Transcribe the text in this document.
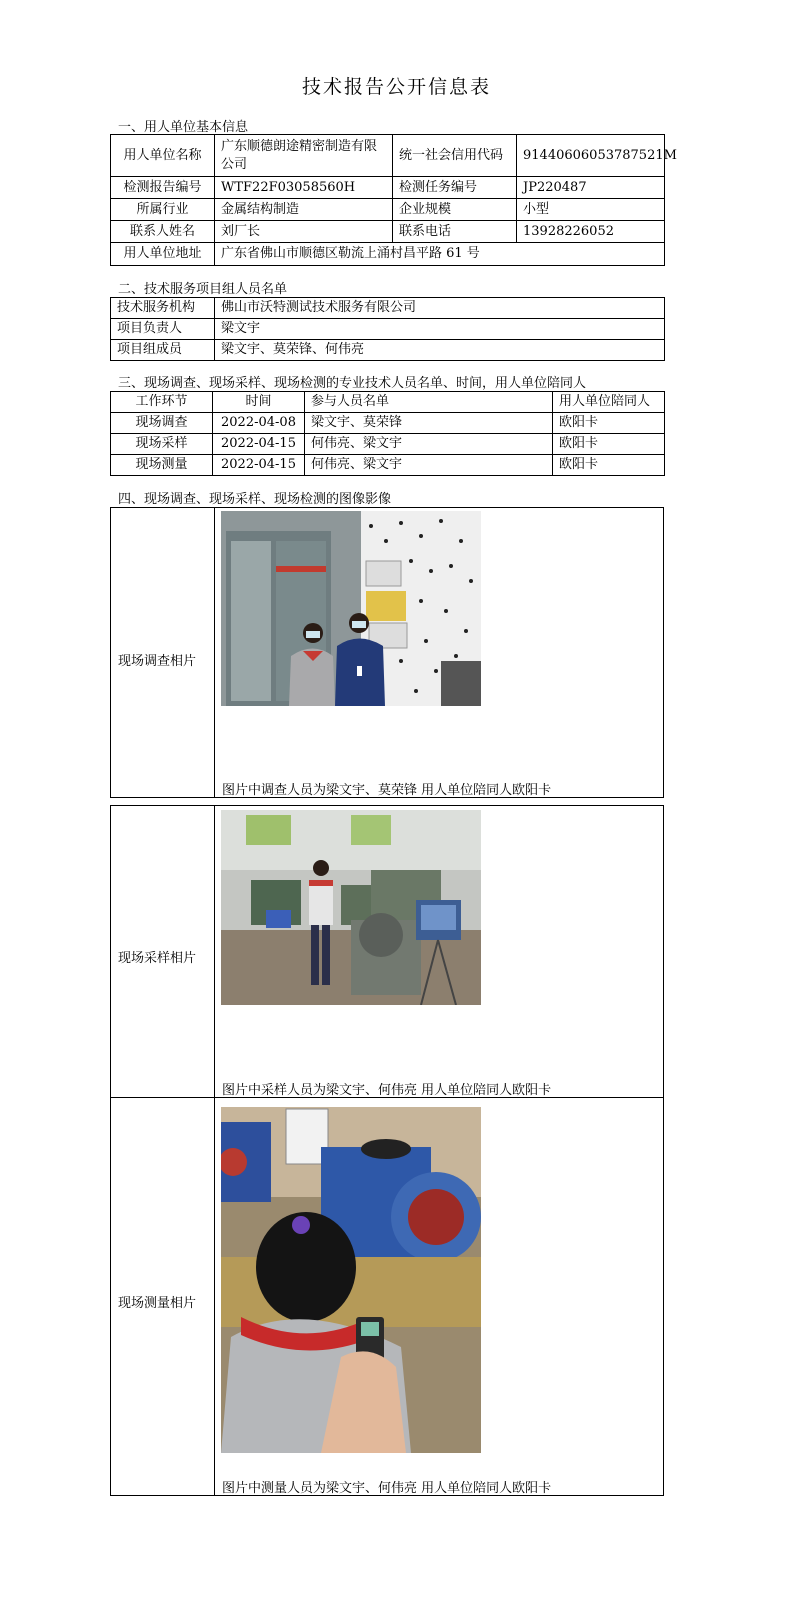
技术报告公开信息表
一、用人单位基本信息
用人单位名称	广东顺德朗途精密制造有限公司	统一社会信用代码	91440606053787521M
检测报告编号	WTF22F03058560H	检测任务编号	JP220487
所属行业	金属结构制造	企业规模	小型
联系人姓名	刘厂长	联系电话	13928226052
用人单位地址	广东省佛山市顺德区勒流上涌村昌平路 61 号		
二、技术服务项目组人员名单
技术服务机构	佛山市沃特测试技术服务有限公司
项目负责人	梁文宇
项目组成员	梁文宇、莫荣锋、何伟亮
三、现场调查、现场采样、现场检测的专业技术人员名单、时间，用人单位陪同人
工作环节	时间	参与人员名单	用人单位陪同人
现场调查	2022-04-08	梁文宇、莫荣锋	欧阳卡
现场采样	2022-04-15	何伟亮、梁文宇	欧阳卡
现场测量	2022-04-15	何伟亮、梁文宇	欧阳卡
四、现场调查、现场采样、现场检测的图像影像
现场调查相片
图片中调查人员为梁文宇、莫荣锋 用人单位陪同人欧阳卡
现场采样相片
图片中采样人员为梁文宇、何伟亮 用人单位陪同人欧阳卡
现场测量相片
图片中测量人员为梁文宇、何伟亮 用人单位陪同人欧阳卡
